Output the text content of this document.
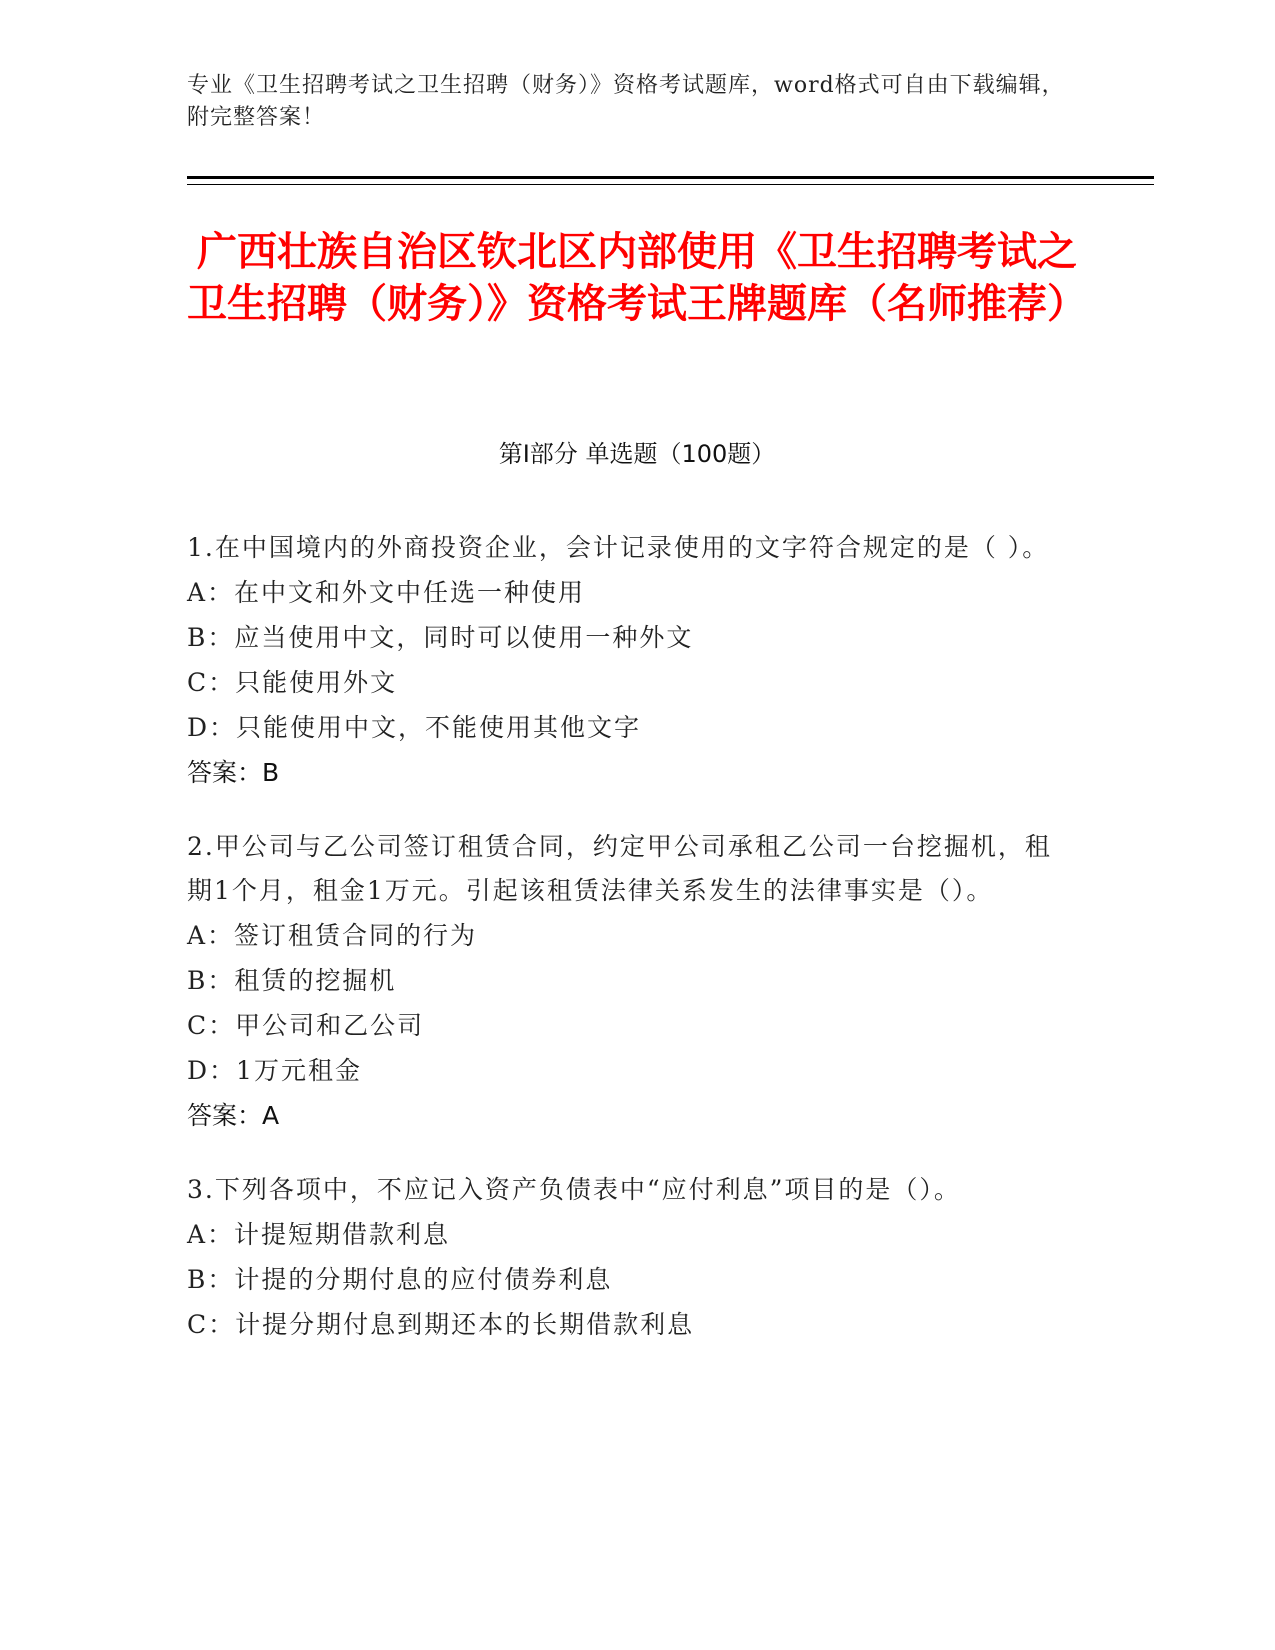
专业《卫生招聘考试之卫生招聘（财务）》资格考试题库，word格式可自由下载编辑，附完整答案！
广西壮族自治区钦北区内部使用《卫生招聘考试之卫生招聘（财务）》资格考试王牌题库（名师推荐）
第Ⅰ部分 单选题（100题）
1.在中国境内的外商投资企业，会计记录使用的文字符合规定的是（ ）。
A：在中文和外文中任选一种使用
B：应当使用中文，同时可以使用一种外文
C：只能使用外文
D：只能使用中文，不能使用其他文字
答案：B
2.甲公司与乙公司签订租赁合同，约定甲公司承租乙公司一台挖掘机，租期1个月，租金1万元。引起该租赁法律关系发生的法律事实是（）。
A：签订租赁合同的行为
B：租赁的挖掘机
C：甲公司和乙公司
D：1万元租金
答案：A
3.下列各项中，不应记入资产负债表中“应付利息”项目的是（）。
A：计提短期借款利息
B：计提的分期付息的应付债券利息
C：计提分期付息到期还本的长期借款利息
